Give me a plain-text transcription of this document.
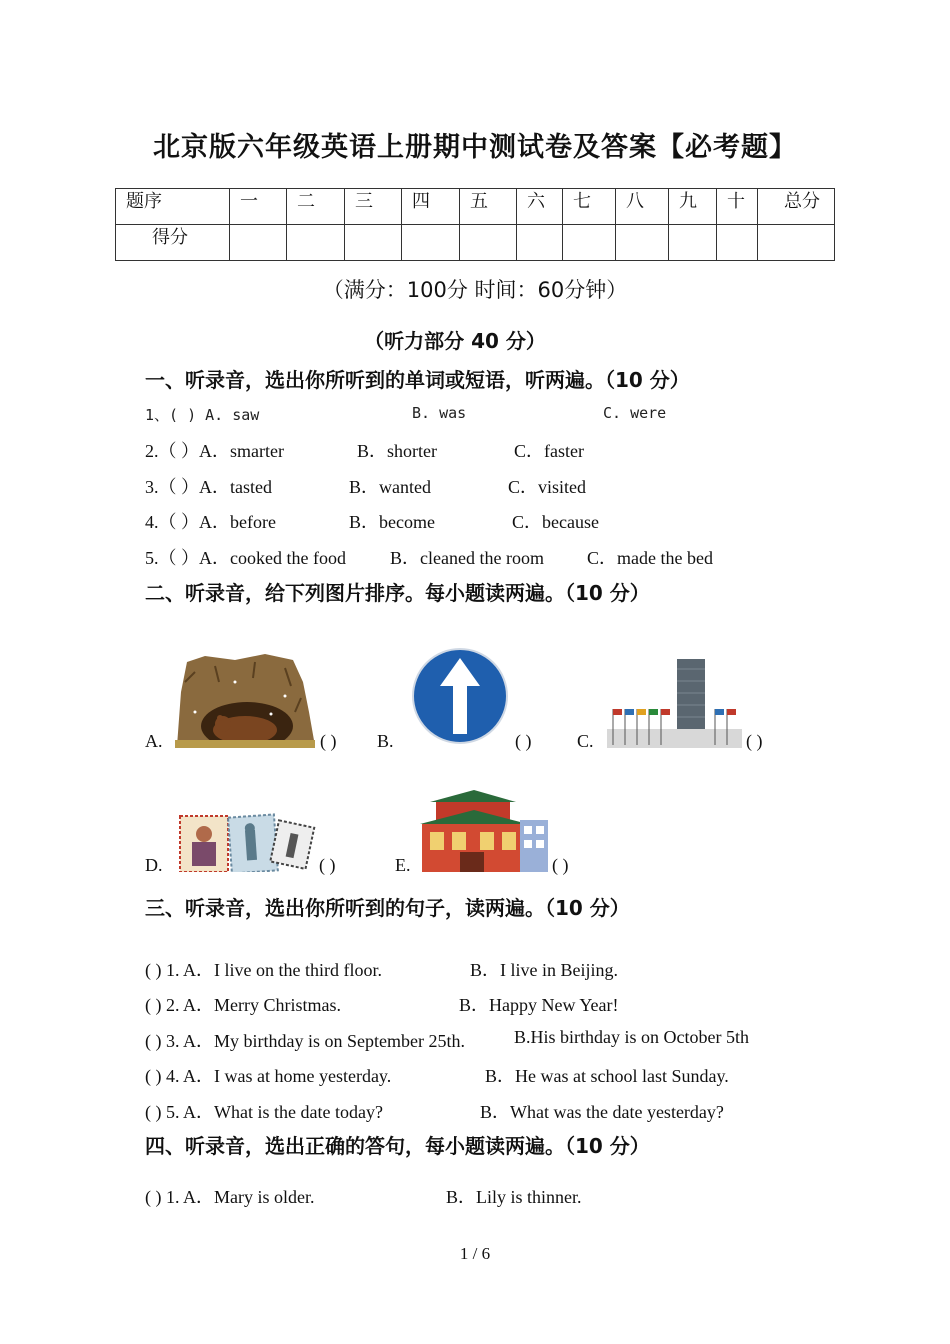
北京版六年级英语上册期中测试卷及答案【必考题】
题序	一	二	三	四	五	六	七	八	九	十	总分
得分											
（满分：100分 时间：60分钟）
（听力部分 40 分）
一、听录音，选出你所听到的单词或短语，听两遍。（10 分）
1、( ) A. saw	B. was	C. were
2.（ ）A．smarter	B．shorter	C．faster
3.（ ）A．tasted	B．wanted	C．visited
4.（ ）A．before	B．become	C．because
5.（ ）A．cooked the food B．cleaned the room C．made the bed
二、听录音，给下列图片排序。每小题读两遍。（10 分）
A.	( ) B.	( )	C.	( )
D.	( )	E.	( )
三、听录音，选出你所听到的句子，读两遍。（10 分）
( ) 1. A．I live on the third floor.	B．I live in Beijing.
( ) 2. A．Merry Christmas.	B．Happy New Year!
( ) 3. A．My birthday is on September 25th.	B.His birthday is on October 5th
( ) 4. A．I was at home yesterday.	B．He was at school last Sunday.
( ) 5. A．What is the date today?	B．What was the date yesterday?
四、听录音，选出正确的答句，每小题读两遍。（10 分）
( ) 1. A．Mary is older.	B．Lily is thinner.
1 / 6
